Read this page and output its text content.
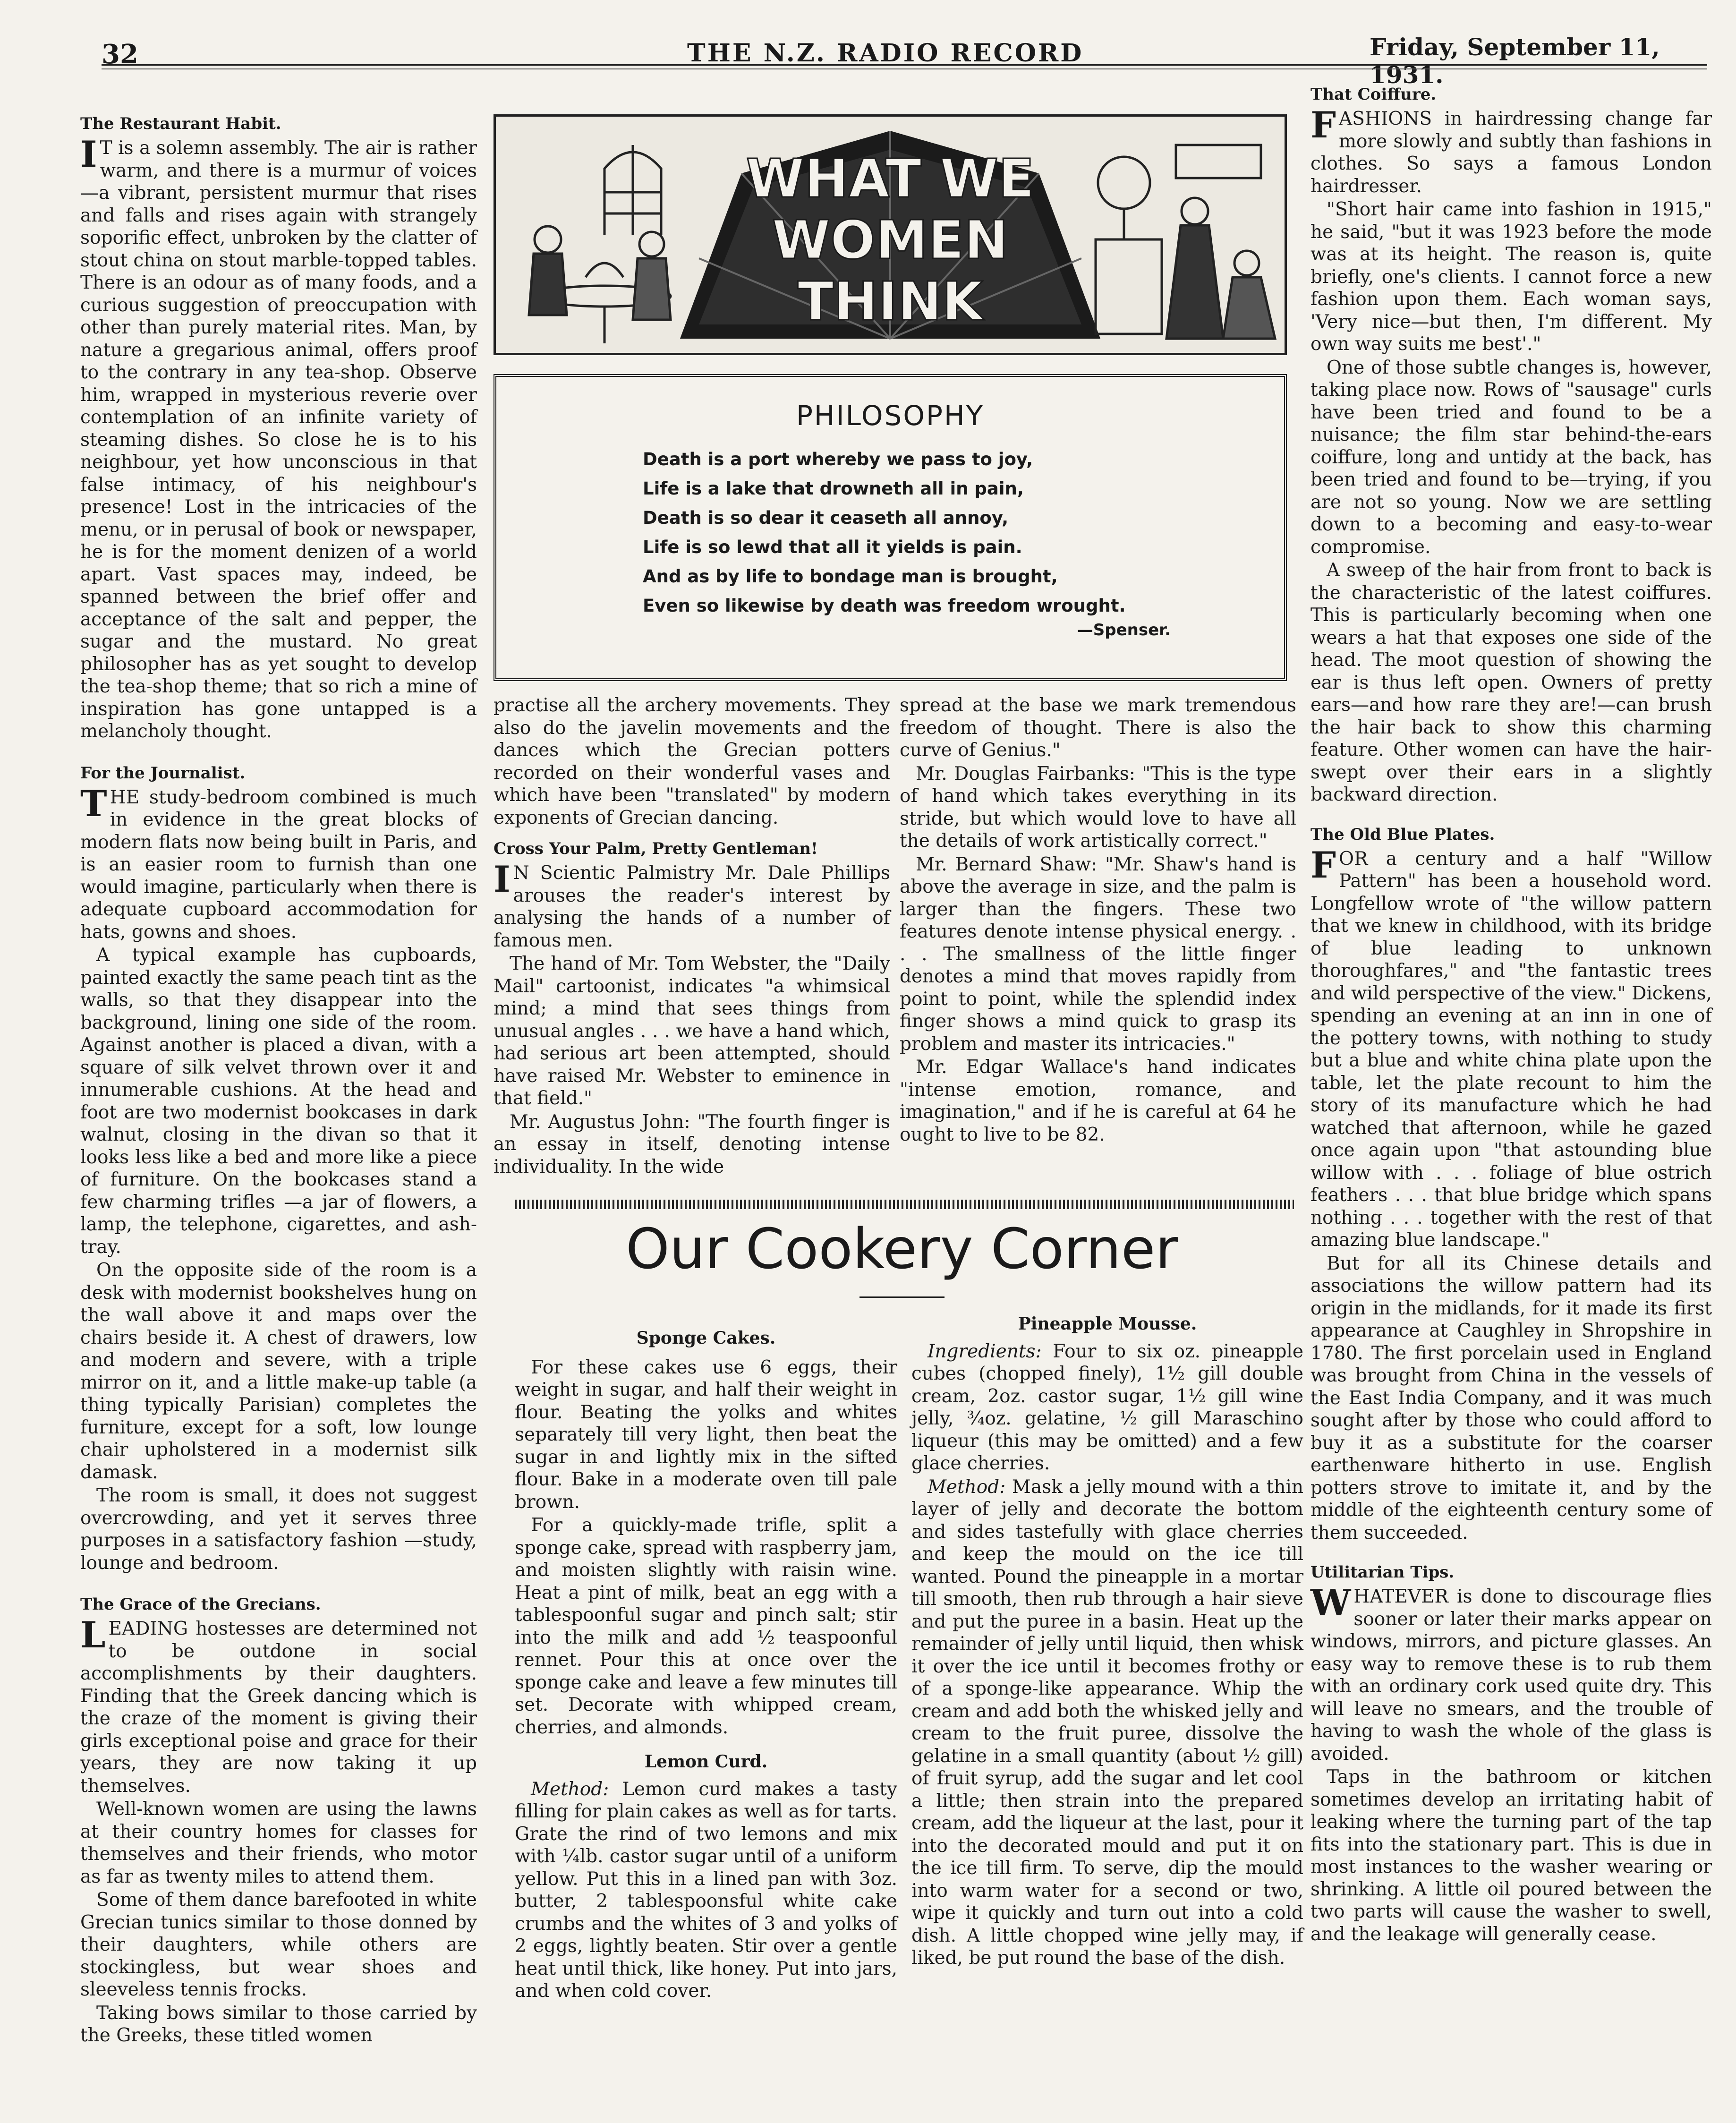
32	THE N.Z. RADIO RECORD	Friday, September 11, 1931.
The Restaurant Habit.

IT is a solemn assembly. The air is rather warm, and there is a murmur of voices—a vibrant, persistent murmur that rises and falls and rises again with strangely soporific effect, unbroken by the clatter of stout china on stout marble-topped tables. There is an odour as of many foods, and a curious suggestion of preoccupation with other than purely material rites. Man, by nature a gregarious animal, offers proof to the contrary in any tea-shop. Observe him, wrapped in mysterious reverie over contemplation of an infinite variety of steaming dishes. So close he is to his neighbour, yet how unconscious in that false intimacy, of his neighbour's presence! Lost in the intricacies of the menu, or in perusal of book or newspaper, he is for the moment denizen of a world apart. Vast spaces may, indeed, be spanned between the brief offer and acceptance of the salt and pepper, the sugar and the mustard. No great philosopher has as yet sought to develop the tea-shop theme; that so rich a mine of inspiration has gone untapped is a melancholy thought.

For the Journalist.

THE study-bedroom combined is much in evidence in the great blocks of modern flats now being built in Paris, and is an easier room to furnish than one would imagine, particularly when there is adequate cupboard accommodation for hats, gowns and shoes.

A typical example has cupboards, painted exactly the same peach tint as the walls, so that they disappear into the background, lining one side of the room. Against another is placed a divan, with a square of silk velvet thrown over it and innumerable cushions. At the head and foot are two modernist bookcases in dark walnut, closing in the divan so that it looks less like a bed and more like a piece of furniture. On the bookcases stand a few charming trifles —a jar of flowers, a lamp, the telephone, cigarettes, and ash-tray.

On the opposite side of the room is a desk with modernist bookshelves hung on the wall above it and maps over the chairs beside it. A chest of drawers, low and modern and severe, with a triple mirror on it, and a little make-up table (a thing typically Parisian) completes the furniture, except for a soft, low lounge chair upholstered in a modernist silk damask.

The room is small, it does not suggest overcrowding, and yet it serves three purposes in a satisfactory fashion —study, lounge and bedroom.

The Grace of the Grecians.

LEADING hostesses are determined not to be outdone in social accomplishments by their daughters. Finding that the Greek dancing which is the craze of the moment is giving their girls exceptional poise and grace for their years, they are now taking it up themselves.

Well-known women are using the lawns at their country homes for classes for themselves and their friends, who motor as far as twenty miles to attend them.

Some of them dance barefooted in white Grecian tunics similar to those donned by their daughters, while others are stockingless, but wear shoes and sleeveless tennis frocks.

Taking bows similar to those carried by the Greeks, these titled women

WHAT WE
WOMEN
THINK
PHILOSOPHY
Death is a port whereby we pass to joy,
Life is a lake that drowneth all in pain,
Death is so dear it ceaseth all annoy,
Life is so lewd that all it yields is pain.
And as by life to bondage man is brought,
Even so likewise by death was freedom wrought.
—Spenser.

practise all the archery movements. They also do the javelin movements and the dances which the Grecian potters recorded on their wonderful vases and which have been "translated" by modern exponents of Grecian dancing.

Cross Your Palm, Pretty Gentleman!

IN Scientic Palmistry Mr. Dale Phillips arouses the reader's interest by analysing the hands of a number of famous men.

The hand of Mr. Tom Webster, the "Daily Mail" cartoonist, indicates "a whimsical mind; a mind that sees things from unusual angles . . . we have a hand which, had serious art been attempted, should have raised Mr. Webster to eminence in that field."

Mr. Augustus John: "The fourth finger is an essay in itself, denoting intense individuality. In the wide

spread at the base we mark tremendous freedom of thought. There is also the curve of Genius."

Mr. Douglas Fairbanks: "This is the type of hand which takes everything in its stride, but which would love to have all the details of work artistically correct."

Mr. Bernard Shaw: "Mr. Shaw's hand is above the average in size, and the palm is larger than the fingers. These two features denote intense physical energy. . . . The smallness of the little finger denotes a mind that moves rapidly from point to point, while the splendid index finger shows a mind quick to grasp its problem and master its intricacies."

Mr. Edgar Wallace's hand indicates "intense emotion, romance, and imagination," and if he is careful at 64 he ought to live to be 82.

Our Cookery Corner
Sponge Cakes.

For these cakes use 6 eggs, their weight in sugar, and half their weight in flour. Beating the yolks and whites separately till very light, then beat the sugar in and lightly mix in the sifted flour. Bake in a moderate oven till pale brown.

For a quickly-made trifle, split a sponge cake, spread with raspberry jam, and moisten slightly with raisin wine. Heat a pint of milk, beat an egg with a tablespoonful sugar and pinch salt; stir into the milk and add ½ teaspoonful rennet. Pour this at once over the sponge cake and leave a few minutes till set. Decorate with whipped cream, cherries, and almonds.

Lemon Curd.

Method: Lemon curd makes a tasty filling for plain cakes as well as for tarts. Grate the rind of two lemons and mix with ¼lb. castor sugar until of a uniform yellow. Put this in a lined pan with 3oz. butter, 2 tablespoonsful white cake crumbs and the whites of 3 and yolks of 2 eggs, lightly beaten. Stir over a gentle heat until thick, like honey. Put into jars, and when cold cover.

Pineapple Mousse.

Ingredients: Four to six oz. pineapple cubes (chopped finely), 1½ gill double cream, 2oz. castor sugar, 1½ gill wine jelly, ¾oz. gelatine, ½ gill Maraschino liqueur (this may be omitted) and a few glace cherries.

Method: Mask a jelly mound with a thin layer of jelly and decorate the bottom and sides tastefully with glace cherries and keep the mould on the ice till wanted. Pound the pineapple in a mortar till smooth, then rub through a hair sieve and put the puree in a basin. Heat up the remainder of jelly until liquid, then whisk it over the ice until it becomes frothy or of a sponge-like appearance. Whip the cream and add both the whisked jelly and cream to the fruit puree, dissolve the gelatine in a small quantity (about ½ gill) of fruit syrup, add the sugar and let cool a little; then strain into the prepared cream, add the liqueur at the last, pour it into the decorated mould and put it on the ice till firm. To serve, dip the mould into warm water for a second or two, wipe it quickly and turn out into a cold dish. A little chopped wine jelly may, if liked, be put round the base of the dish.

That Coiffure.

FASHIONS in hairdressing change far more slowly and subtly than fashions in clothes. So says a famous London hairdresser.

"Short hair came into fashion in 1915," he said, "but it was 1923 before the mode was at its height. The reason is, quite briefly, one's clients. I cannot force a new fashion upon them. Each woman says, 'Very nice—but then, I'm different. My own way suits me best'."

One of those subtle changes is, however, taking place now. Rows of "sausage" curls have been tried and found to be a nuisance; the film star behind-the-ears coiffure, long and untidy at the back, has been tried and found to be—trying, if you are not so young. Now we are settling down to a becoming and easy-to-wear compromise.

A sweep of the hair from front to back is the characteristic of the latest coiffures. This is particularly becoming when one wears a hat that exposes one side of the head. The moot question of showing the ear is thus left open. Owners of pretty ears—and how rare they are!—can brush the hair back to show this charming feature. Other women can have the hair-swept over their ears in a slightly backward direction.

The Old Blue Plates.

FOR a century and a half "Willow Pattern" has been a household word. Longfellow wrote of "the willow pattern that we knew in childhood, with its bridge of blue leading to unknown thoroughfares," and "the fantastic trees and wild perspective of the view." Dickens, spending an evening at an inn in one of the pottery towns, with nothing to study but a blue and white china plate upon the table, let the plate recount to him the story of its manufacture which he had watched that afternoon, while he gazed once again upon "that astounding blue willow with . . . foliage of blue ostrich feathers . . . that blue bridge which spans nothing . . . together with the rest of that amazing blue landscape."

But for all its Chinese details and associations the willow pattern had its origin in the midlands, for it made its first appearance at Caughley in Shropshire in 1780. The first porcelain used in England was brought from China in the vessels of the East India Company, and it was much sought after by those who could afford to buy it as a substitute for the coarser earthenware hitherto in use. English potters strove to imitate it, and by the middle of the eighteenth century some of them succeeded.

Utilitarian Tips.

WHATEVER is done to discourage flies sooner or later their marks appear on windows, mirrors, and picture glasses. An easy way to remove these is to rub them with an ordinary cork used quite dry. This will leave no smears, and the trouble of having to wash the whole of the glass is avoided.

Taps in the bathroom or kitchen sometimes develop an irritating habit of leaking where the turning part of the tap fits into the stationary part. This is due in most instances to the washer wearing or shrinking. A little oil poured between the two parts will cause the washer to swell, and the leakage will generally cease.
